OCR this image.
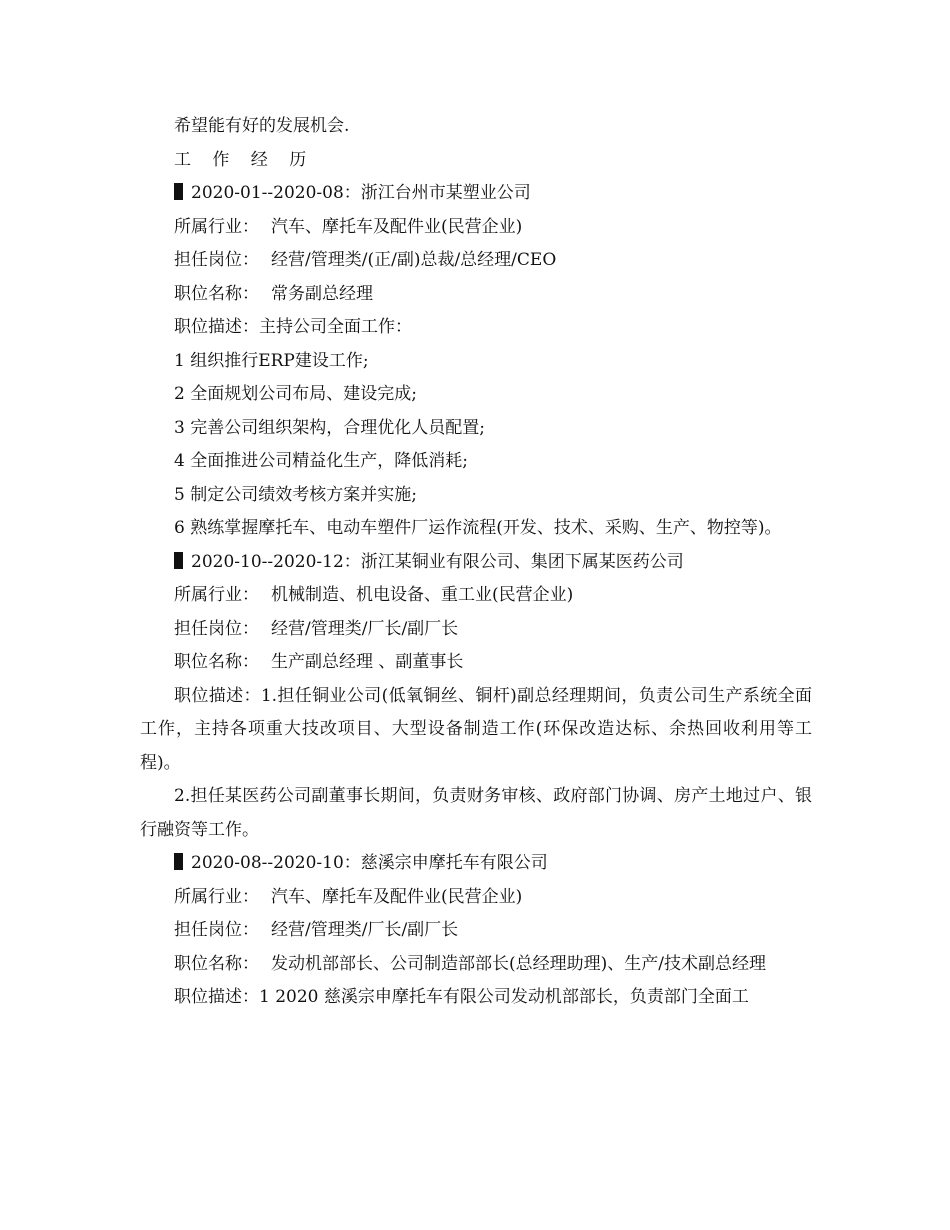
希望能有好的发展机会.
工 作 经 历
2020-01--2020-08：浙江台州市某塑业公司
所属行业： 汽车、摩托车及配件业(民营企业)
担任岗位： 经营/管理类/(正/副)总裁/总经理/CEO
职位名称： 常务副总经理
职位描述：主持公司全面工作：
1 组织推行ERP建设工作;
2 全面规划公司布局、建设完成;
3 完善公司组织架构，合理优化人员配置;
4 全面推进公司精益化生产，降低消耗;
5 制定公司绩效考核方案并实施;
6 熟练掌握摩托车、电动车塑件厂运作流程(开发、技术、采购、生产、物控等)。
2020-10--2020-12：浙江某铜业有限公司、集团下属某医药公司
所属行业： 机械制造、机电设备、重工业(民营企业)
担任岗位： 经营/管理类/厂长/副厂长
职位名称： 生产副总经理 、副董事长
职位描述：1.担任铜业公司(低氧铜丝、铜杆)副总经理期间，负责公司生产系统全面工作，主持各项重大技改项目、大型设备制造工作(环保改造达标、余热回收利用等工程)。
2.担任某医药公司副董事长期间，负责财务审核、政府部门协调、房产土地过户、银行融资等工作。
2020-08--2020-10：慈溪宗申摩托车有限公司
所属行业： 汽车、摩托车及配件业(民营企业)
担任岗位： 经营/管理类/厂长/副厂长
职位名称： 发动机部部长、公司制造部部长(总经理助理)、生产/技术副总经理
职位描述：1 2020 慈溪宗申摩托车有限公司发动机部部长，负责部门全面工
